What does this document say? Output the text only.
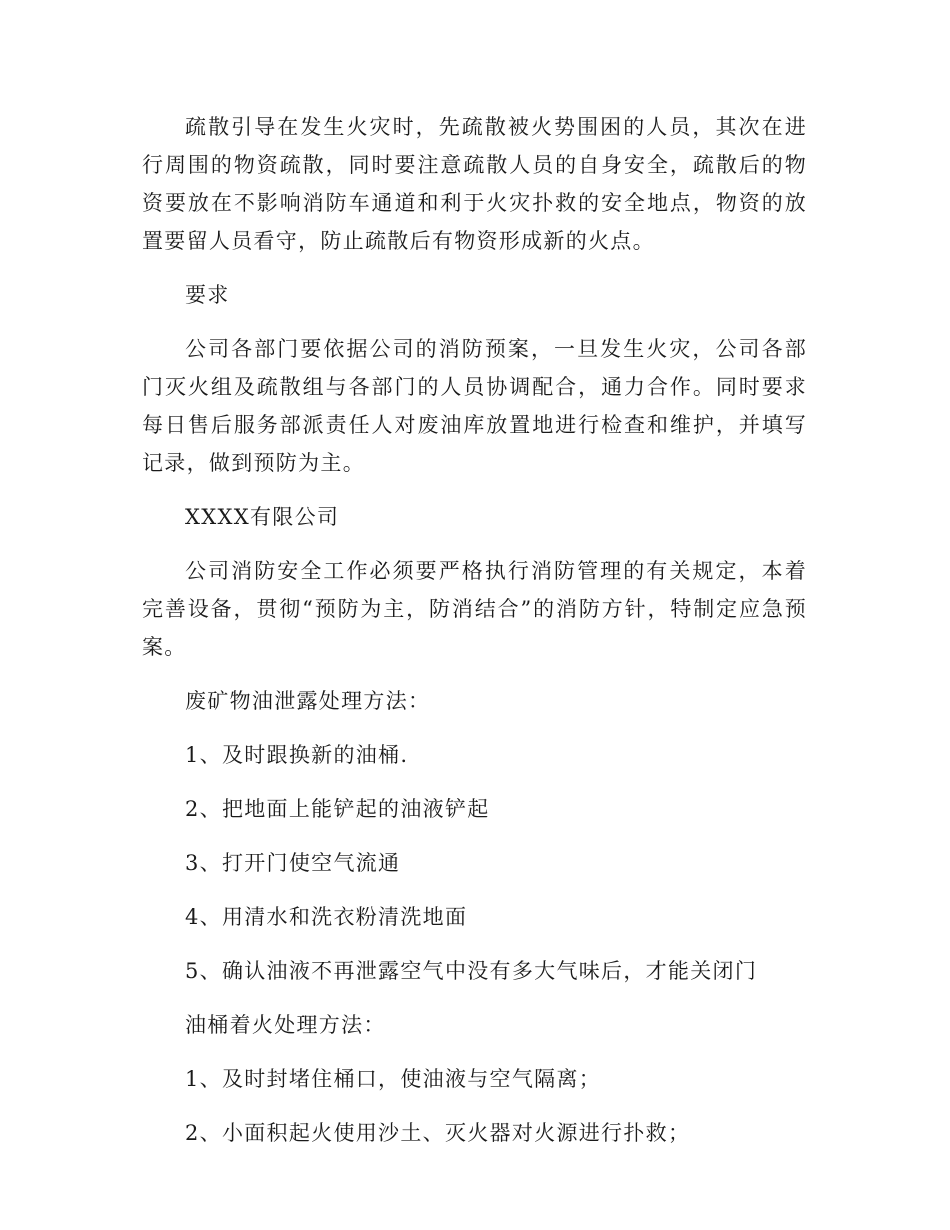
疏散引导在发生火灾时，先疏散被火势围困的人员，其次在进行周围的物资疏散，同时要注意疏散人员的自身安全，疏散后的物资要放在不影响消防车通道和利于火灾扑救的安全地点，物资的放置要留人员看守，防止疏散后有物资形成新的火点。

要求

公司各部门要依据公司的消防预案，一旦发生火灾，公司各部门灭火组及疏散组与各部门的人员协调配合，通力合作。同时要求每日售后服务部派责任人对废油库放置地进行检查和维护，并填写记录，做到预防为主。

XXXX有限公司

公司消防安全工作必须要严格执行消防管理的有关规定，本着完善设备，贯彻“预防为主，防消结合”的消防方针，特制定应急预案。

废矿物油泄露处理方法：

1、及时跟换新的油桶.

2、把地面上能铲起的油液铲起

3、打开门使空气流通

4、用清水和洗衣粉清洗地面

5、确认油液不再泄露空气中没有多大气味后，才能关闭门

油桶着火处理方法：

1、及时封堵住桶口，使油液与空气隔离；

2、小面积起火使用沙土、灭火器对火源进行扑救；
